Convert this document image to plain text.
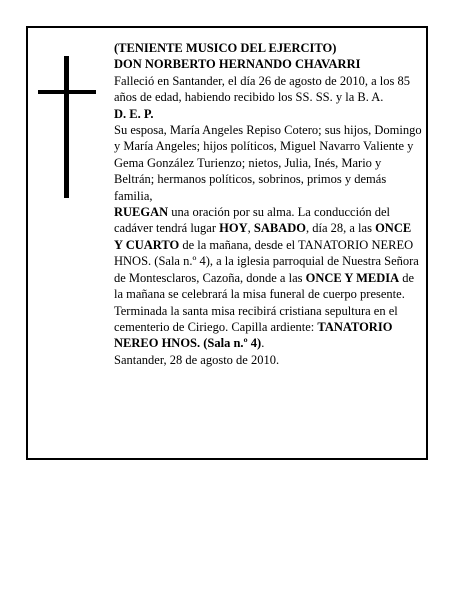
(TENIENTE MUSICO DEL EJERCITO)

DON NORBERTO HERNANDO CHAVARRI

Falleció en Santander, el día 26 de agosto de 2010, a los 85 años de edad, habiendo recibido los SS. SS. y la B. A.

D. E. P.

Su esposa, María Angeles Repiso Cotero; sus hijos, Domingo y María Angeles; hijos políticos, Miguel Navarro Valiente y Gema González Turienzo; nietos, Julia, Inés, Mario y Beltrán; hermanos políticos, sobrinos, primos y demás familia,

RUEGAN una oración por su alma. La conducción del cadáver tendrá lugar HOY, SABADO, día 28, a las ONCE Y CUARTO de la mañana, desde el TANATORIO NEREO HNOS. (Sala n.º 4), a la iglesia parroquial de Nuestra Señora de Montesclaros, Cazoña, donde a las ONCE Y MEDIA de la mañana se celebrará la misa funeral de cuerpo presente. Terminada la santa misa recibirá cristiana sepultura en el cementerio de Ciriego. Capilla ardiente: TANATORIO NEREO HNOS. (Sala n.º 4).

Santander, 28 de agosto de 2010.
